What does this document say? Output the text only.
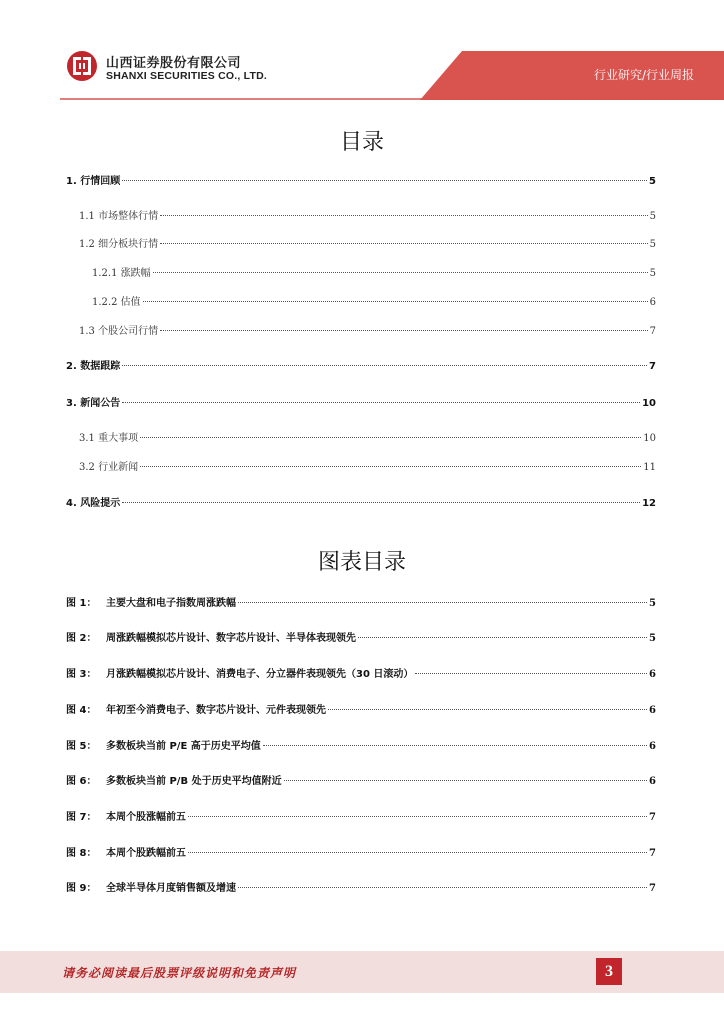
山西证券股份有限公司
SHANXI SECURITIES CO., LTD.	行业研究/行业周报
目录
1. 行情回顾	5
1.1 市场整体行情	5
1.2 细分板块行情	5
1.2.1 涨跌幅	5
1.2.2 估值	6
1.3 个股公司行情	7
2. 数据跟踪	7
3. 新闻公告	10
3.1 重大事项	10
3.2 行业新闻	11
4. 风险提示	12
图表目录
图 1： 主要大盘和电子指数周涨跌幅	5
图 2： 周涨跌幅模拟芯片设计、数字芯片设计、半导体表现领先	5
图 3： 月涨跌幅模拟芯片设计、消费电子、分立器件表现领先（30 日滚动）	6
图 4： 年初至今消费电子、数字芯片设计、元件表现领先	6
图 5： 多数板块当前 P/E 高于历史平均值	6
图 6： 多数板块当前 P/B 处于历史平均值附近	6
图 7： 本周个股涨幅前五	7
图 8： 本周个股跌幅前五	7
图 9： 全球半导体月度销售额及增速	7
请务必阅读最后股票评级说明和免责声明	3
